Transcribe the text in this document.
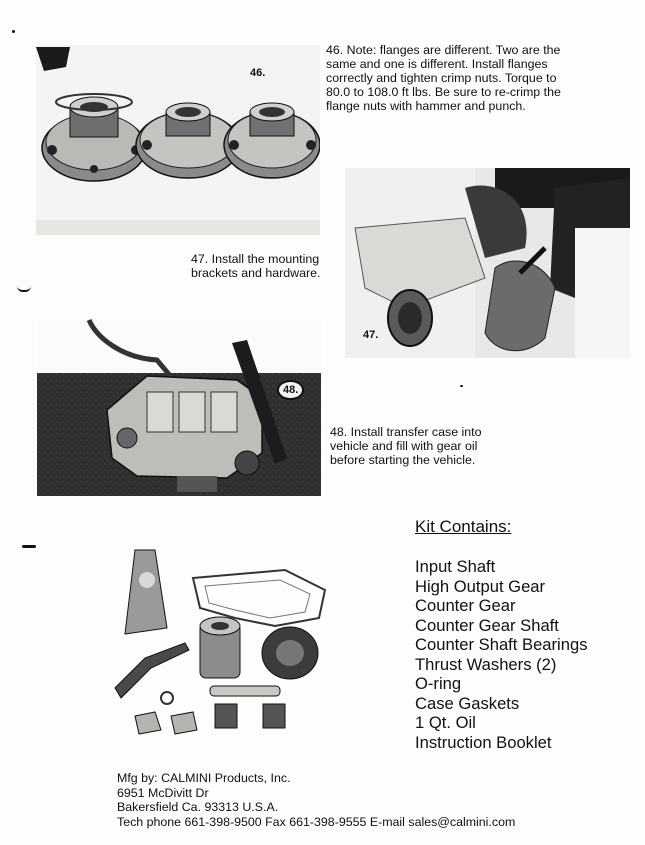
46.
46. Note: flanges are different. Two are the same and one is different. Install flanges correctly and tighten crimp nuts. Torque to 80.0 to 108.0 ft lbs. Be sure to re-crimp the flange nuts with hammer and punch.
47.
47. Install the mounting brackets and hardware.
48.
48. Install transfer case into vehicle and fill with gear oil before starting the vehicle.
Kit Contains:
Input Shaft
High Output Gear
Counter Gear
Counter Gear Shaft
Counter Shaft Bearings
Thrust Washers (2)
O-ring
Case Gaskets
1 Qt. Oil
Instruction Booklet
Mfg by: CALMINI Products, Inc.
6951 McDivitt Dr
Bakersfield Ca. 93313 U.S.A.
Tech phone 661-398-9500 Fax 661-398-9555 E-mail sales@calmini.com
